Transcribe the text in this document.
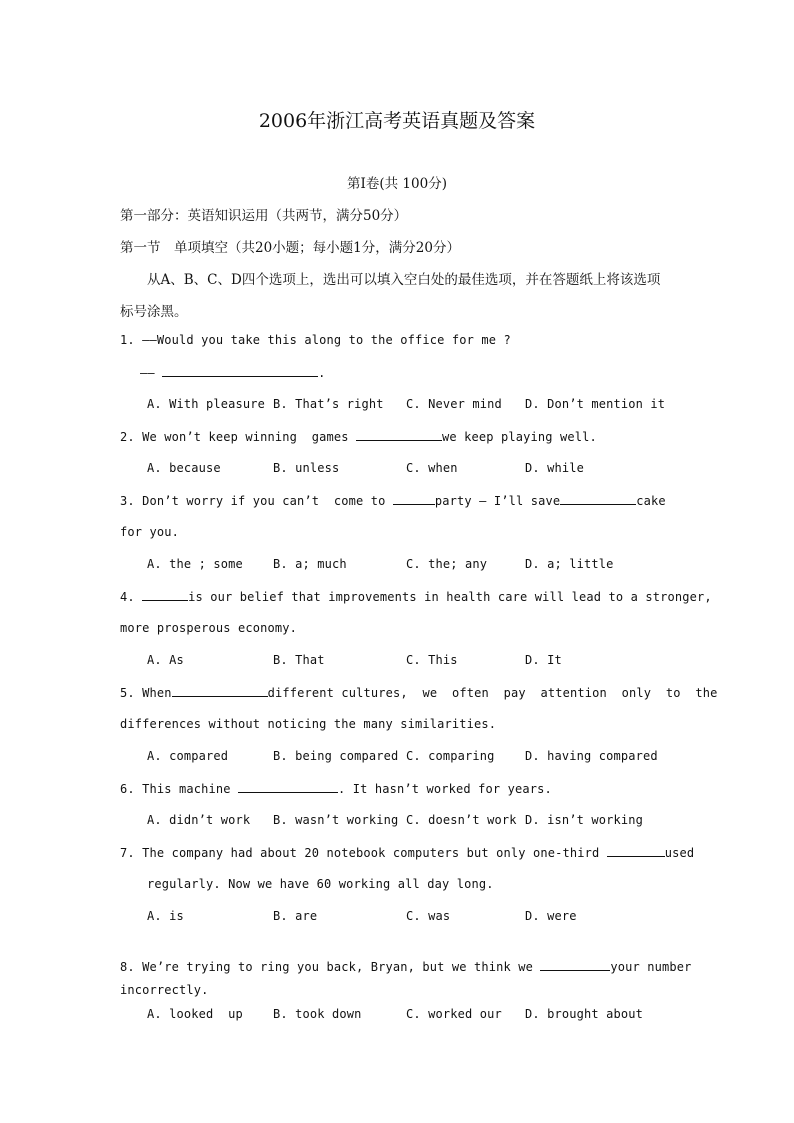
2006年浙江高考英语真题及答案
第Ⅰ卷(共 100分)
第一部分：英语知识运用（共两节，满分50分）
第一节　单项填空（共20小题；每小题1分，满分20分）
从A、B、C、D四个选项上，选出可以填入空白处的最佳选项，并在答题纸上将该选项
标号涂黑。
1. ——Would you take this along to the office for me ?
——	.
A. With pleasure B. That’s right C. Never mind D. Don’t mention it
2. We won’t keep winning  games	we keep playing well.
A. because	B. unless	C. when	D. while
3. Don’t worry if you can’t  come to	party — I’ll save	cake
for you.
A. the ; some	B. a; much	C. the; any	D. a; little
4.	is our belief that improvements in health care will lead to a stronger,
more prosperous economy.
A. As	B. That	C. This	D. It
5. When	different cultures,  we  often  pay  attention  only  to  the
differences without noticing the many similarities.
A. compared	B. being compared C. comparing	D. having compared
6. This machine	. It hasn’t worked for years.
A. didn’t work B. wasn’t working C. doesn’t work D. isn’t working
7. The company had about 20 notebook computers but only one-third	used
regularly. Now we have 60 working all day long.
A. is	B. are	C. was	D. were
8. We’re trying to ring you back, Bryan, but we think we	your number
incorrectly.
A. looked  up	B. took down	C. worked our D. brought about
